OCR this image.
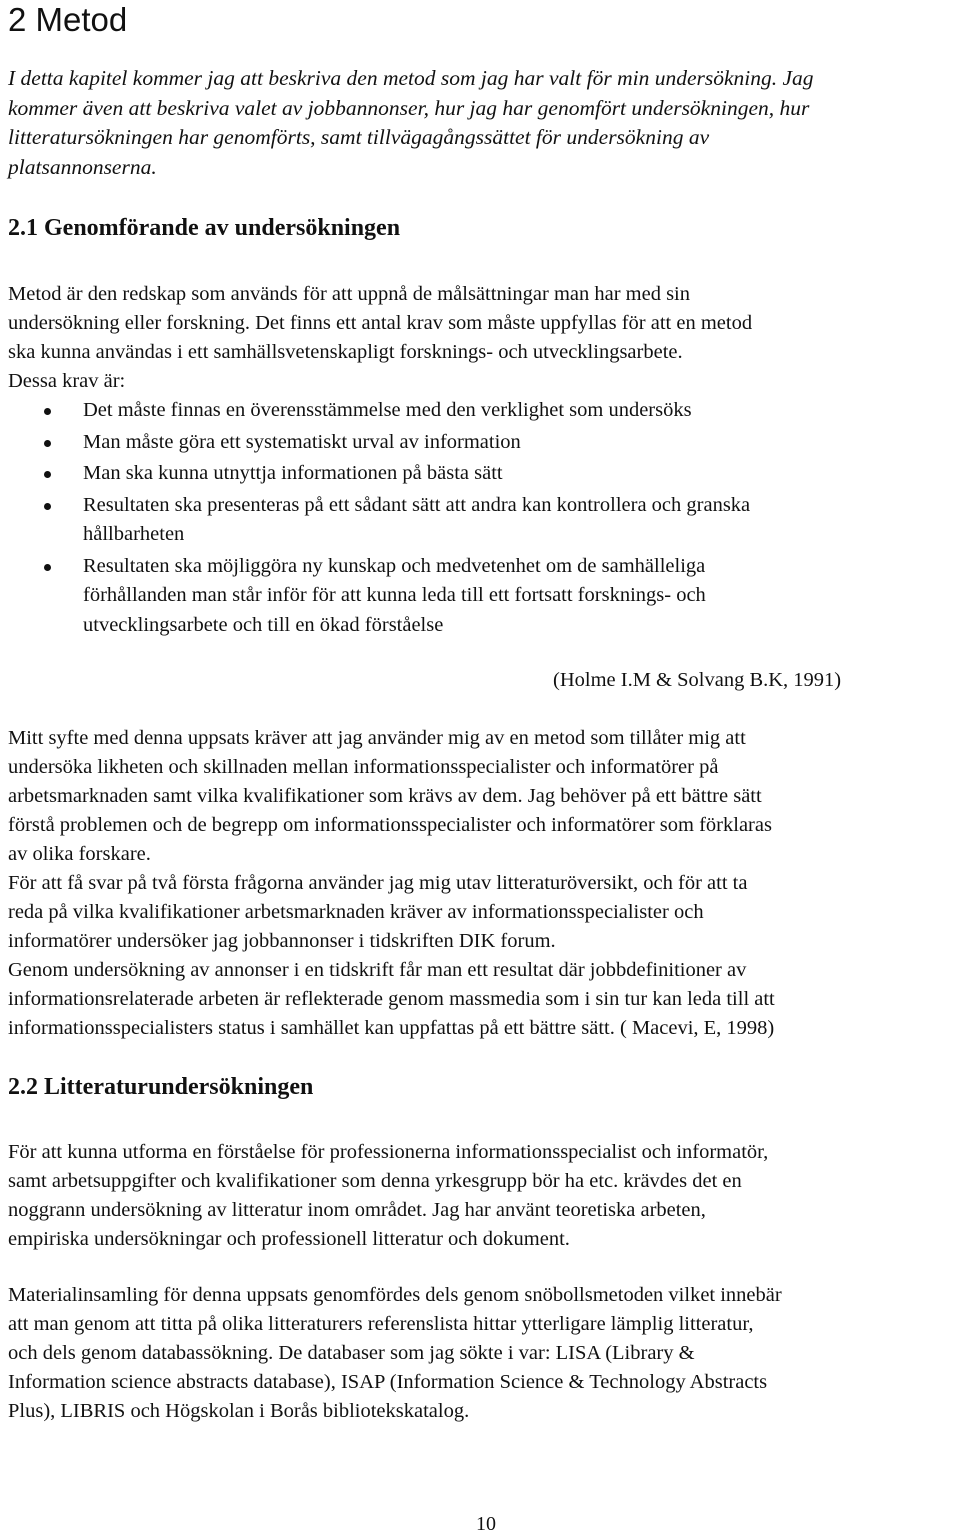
2 Metod

I detta kapitel kommer jag att beskriva den metod som jag har valt för min undersökning. Jag
kommer även att beskriva valet av jobbannonser, hur jag har genomfört undersökningen, hur
litteratursökningen har genomförts, samt tillvägagångssättet för undersökning av
platsannonserna.

2.1 Genomförande av undersökningen

Metod är den redskap som används för att uppnå de målsättningar man har med sin
undersökning eller forskning. Det finns ett antal krav som måste uppfyllas för att en metod
ska kunna användas i ett samhällsvetenskapligt forsknings- och utvecklingsarbete.
Dessa krav är:

Det måste finnas en överensstämmelse med den verklighet som undersöks
Man måste göra ett systematiskt urval av information
Man ska kunna utnyttja informationen på bästa sätt
Resultaten ska presenteras på ett sådant sätt att andra kan kontrollera och granska
hållbarheten
Resultaten ska möjliggöra ny kunskap och medvetenhet om de samhälleliga
förhållanden man står inför för att kunna leda till ett fortsatt forsknings- och
utvecklingsarbete och till en ökad förståelse
(Holme I.M & Solvang B.K, 1991)

Mitt syfte med denna uppsats kräver att jag använder mig av en metod som tillåter mig att
undersöka likheten och skillnaden mellan informationsspecialister och informatörer på
arbetsmarknaden samt vilka kvalifikationer som krävs av dem. Jag behöver på ett bättre sätt
förstå problemen och de begrepp om informationsspecialister och informatörer som förklaras
av olika forskare.
För att få svar på två första frågorna använder jag mig utav litteraturöversikt, och för att ta
reda på vilka kvalifikationer arbetsmarknaden kräver av informationsspecialister och
informatörer undersöker jag jobbannonser i tidskriften DIK forum.
Genom undersökning av annonser i en tidskrift får man ett resultat där jobbdefinitioner av
informationsrelaterade arbeten är reflekterade genom massmedia som i sin tur kan leda till att
informationsspecialisters status i samhället kan uppfattas på ett bättre sätt. ( Macevi, E, 1998)

2.2 Litteraturundersökningen

För att kunna utforma en förståelse för professionerna informationsspecialist och informatör,
samt arbetsuppgifter och kvalifikationer som denna yrkesgrupp bör ha etc. krävdes det en
noggrann undersökning av litteratur inom området. Jag har använt teoretiska arbeten,
empiriska undersökningar och professionell litteratur och dokument.

Materialinsamling för denna uppsats genomfördes dels genom snöbollsmetoden vilket innebär
att man genom att titta på olika litteraturers referenslista hittar ytterligare lämplig litteratur,
och dels genom databassökning. De databaser som jag sökte i var: LISA (Library &
Information science abstracts database), ISAP (Information Science & Technology Abstracts
Plus), LIBRIS och Högskolan i Borås bibliotekskatalog.

10
